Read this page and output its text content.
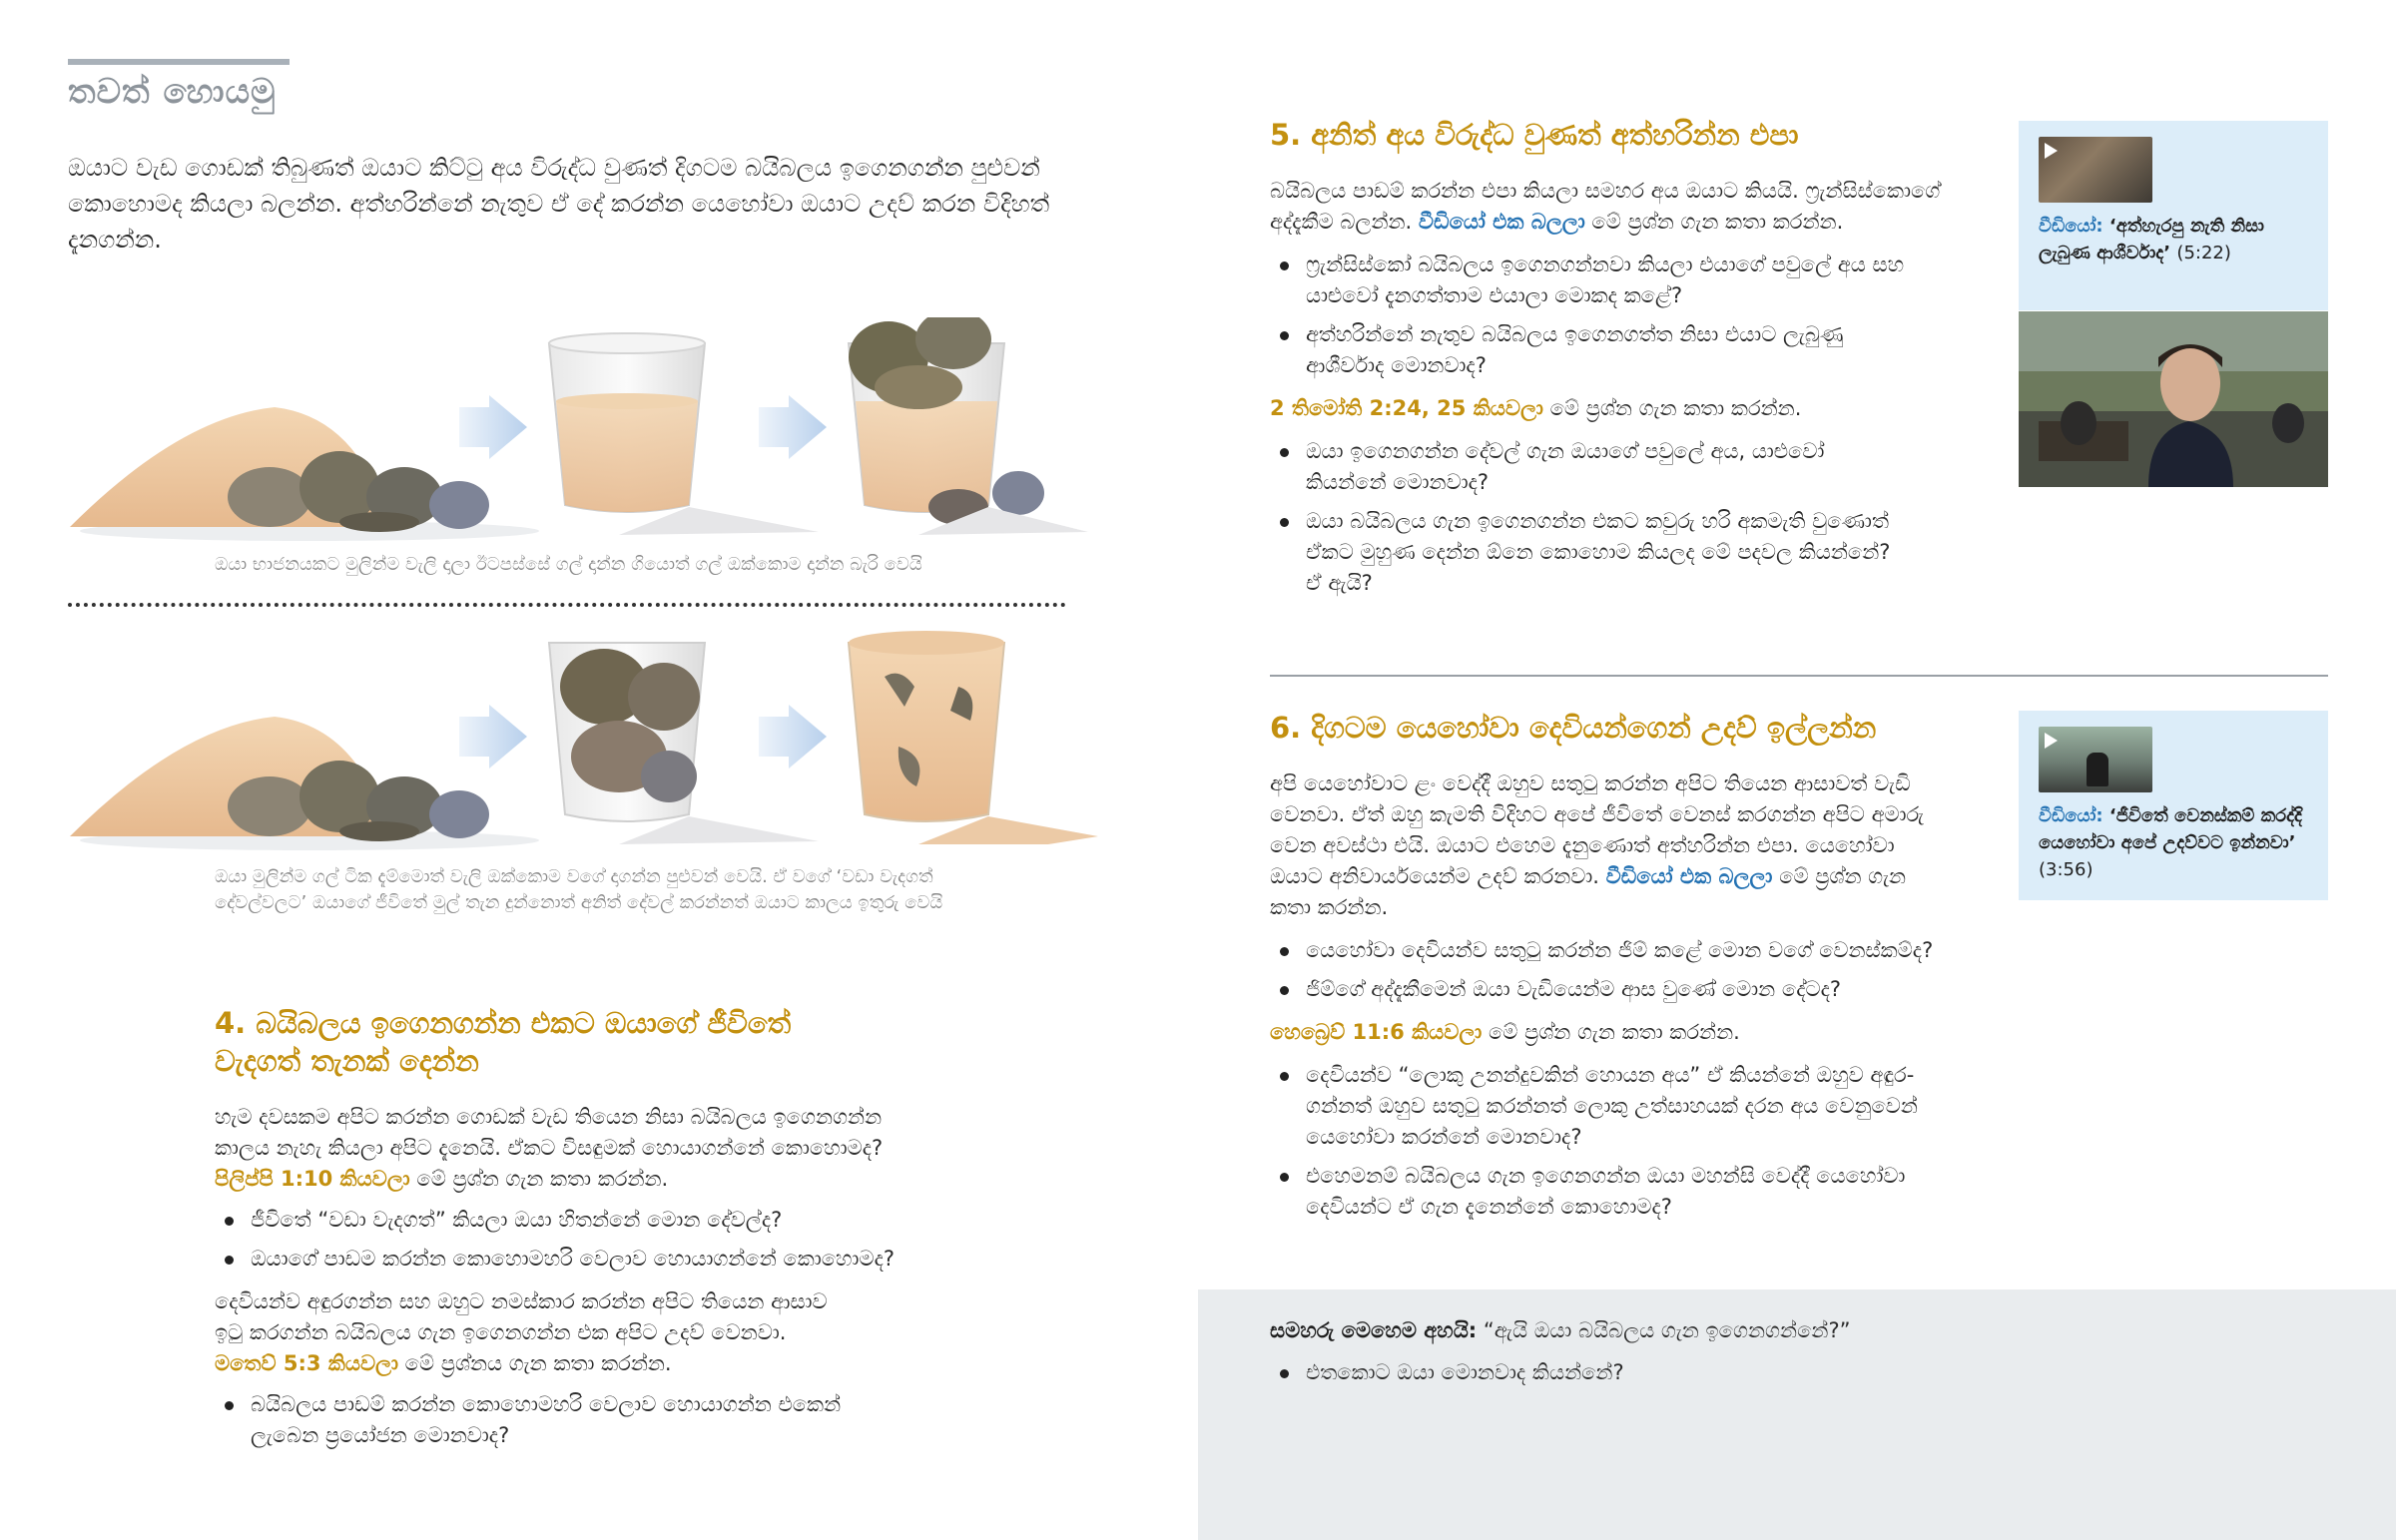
තවත් හොයමු
ඔයාට වැඩ ගොඩක් තිබුණත් ඔයාට කිට්ටු අය විරුද්ධ වුණත් දිගටම බයිබලය ඉගෙනගන්න පුළුවන් කොහොමද කියලා බලන්න. අත්හරින්නේ නැතුව ඒ දේ කරන්න යෙහෝවා ඔයාට උදව් කරන විදිහත් දැනගන්න.
ඔයා භාජනයකට මුලින්ම වැලි දාලා ඊටපස්සේ ගල් දාන්න ගියොත් ගල් ඔක්කොම දාන්න බැරි වෙයි
ඔයා මුලින්ම ගල් ටික දැම්මොත් වැලි ඔක්කොම වගේ දාගන්න පුළුවන් වෙයි. ඒ වගේ ‘වඩා වැදගත්
දේවල්වලට’ ඔයාගේ ජීවිතේ මුල් තැන දුන්නොත් අනිත් දේවල් කරන්නත් ඔයාට කාලය ඉතුරු වෙයි
4. බයිබලය ඉගෙනගන්න එකට ඔයාගේ ජීවිතේ
වැදගත් තැනක් දෙන්න
හැම දවසකම අපිට කරන්න ගොඩක් වැඩ තියෙන නිසා බයිබලය ඉගෙනගන්න
කාලය නැහැ කියලා අපිට දැනෙයි. ඒකට විසඳුමක් හොයාගන්නේ කොහොමද?
පිලිප්පි 1:10 කියවලා මේ ප්‍රශ්න ගැන කතා කරන්න.
ජීවිතේ “වඩා වැදගත්” කියලා ඔයා හිතන්නේ මොන දේවල්ද?
ඔයාගේ පාඩම කරන්න කොහොමහරි වෙලාව හොයාගන්නේ කොහොමද?
දෙවියන්ව අඳුරගන්න සහ ඔහුට නමස්කාර කරන්න අපිට තියෙන ආසාව
ඉටු කරගන්න බයිබලය ගැන ඉගෙනගන්න එක අපිට උදව් වෙනවා.
මතෙව් 5:3 කියවලා මේ ප්‍රශ්නය ගැන කතා කරන්න.
බයිබලය පාඩම් කරන්න කොහොමහරි වෙලාව හොයාගන්න එකෙන් ලැබෙන ප්‍රයෝජන මොනවාද?
5. අනිත් අය විරුද්ධ වුණත් අත්හරින්න එපා
බයිබලය පාඩම් කරන්න එපා කියලා සමහර අය ඔයාට කියයි. ෆ්‍රැන්සිස්කොගේ
අද්දැකීම බලන්න. වීඩියෝ එක බලලා මේ ප්‍රශ්න ගැන කතා කරන්න.
ෆ්‍රැන්සිස්කෝ බයිබලය ඉගෙනගන්නවා කියලා එයාගේ පවුලේ අය සහ යාළුවෝ දැනගත්තාම එයාලා මොකද කළේ?
අත්හරින්නේ නැතුව බයිබලය ඉගෙනගත්ත නිසා එයාට ලැබුණු ආශීර්වාද මොනවාද?
2 තිමෝති 2:24, 25 කියවලා මේ ප්‍රශ්න ගැන කතා කරන්න.
ඔයා ඉගෙනගන්න දේවල් ගැන ඔයාගේ පවුලේ අය, යාළුවෝ කියන්නේ මොනවාද?
ඔයා බයිබලය ගැන ඉගෙනගන්න එකට කවුරු හරි අකමැති වුණොත් ඒකට මුහුණ දෙන්න ඕනෙ කොහොම කියලද මේ පදවල කියන්නේ? ඒ ඇයි?
වීඩියෝ: ‘අත්හැරපු නැති නිසා
ලැබුණ ආශීර්වාද’ (5:22)
6. දිගටම යෙහෝවා දෙවියන්ගෙන් උදව් ඉල්ලන්න
අපි යෙහෝවාට ළං වෙද්දී ඔහුව සතුටු කරන්න අපිට තියෙන ආසාවත් වැඩි
වෙනවා. ඒත් ඔහු කැමති විදිහට අපේ ජීවිතේ වෙනස් කරගන්න අපිට අමාරු
වෙන අවස්ථා එයි. ඔයාට එහෙම දැනුණොත් අත්හරින්න එපා. යෙහෝවා
ඔයාට අනිවාර්යයෙන්ම උදව් කරනවා. වීඩියෝ එක බලලා මේ ප්‍රශ්න ගැන
කතා කරන්න.
යෙහෝවා දෙවියන්ව සතුටු කරන්න ජිම් කළේ මොන වගේ වෙනස්කම්ද?
ජිම්ගේ අද්දැකීමෙන් ඔයා වැඩියෙන්ම ආස වුණේ මොන දේටද?
හෙබ්‍රෙව් 11:6 කියවලා මේ ප්‍රශ්න ගැන කතා කරන්න.
දෙවියන්ව “ලොකු උනන්දුවකින් හොයන අය” ඒ කියන්නේ ඔහුව අඳුර-ගන්නත් ඔහුව සතුටු කරන්නත් ලොකු උත්සාහයක් දරන අය වෙනුවෙන් යෙහෝවා කරන්නේ මොනවාද?
එහෙමනම් බයිබලය ගැන ඉගෙනගන්න ඔයා මහන්සි වෙද්දී යෙහෝවා දෙවියන්ට ඒ ගැන දැනෙන්නේ කොහොමද?
වීඩියෝ: ‘ජීවිතේ වෙනස්කම් කරද්දි
යෙහෝවා අපේ උදව්වට ඉන්නවා’
(3:56)
සමහරු මෙහෙම අහයි: “ඇයි ඔයා බයිබලය ගැන ඉගෙනගන්නේ?”
එතකොට ඔයා මොනවාද කියන්නේ?
